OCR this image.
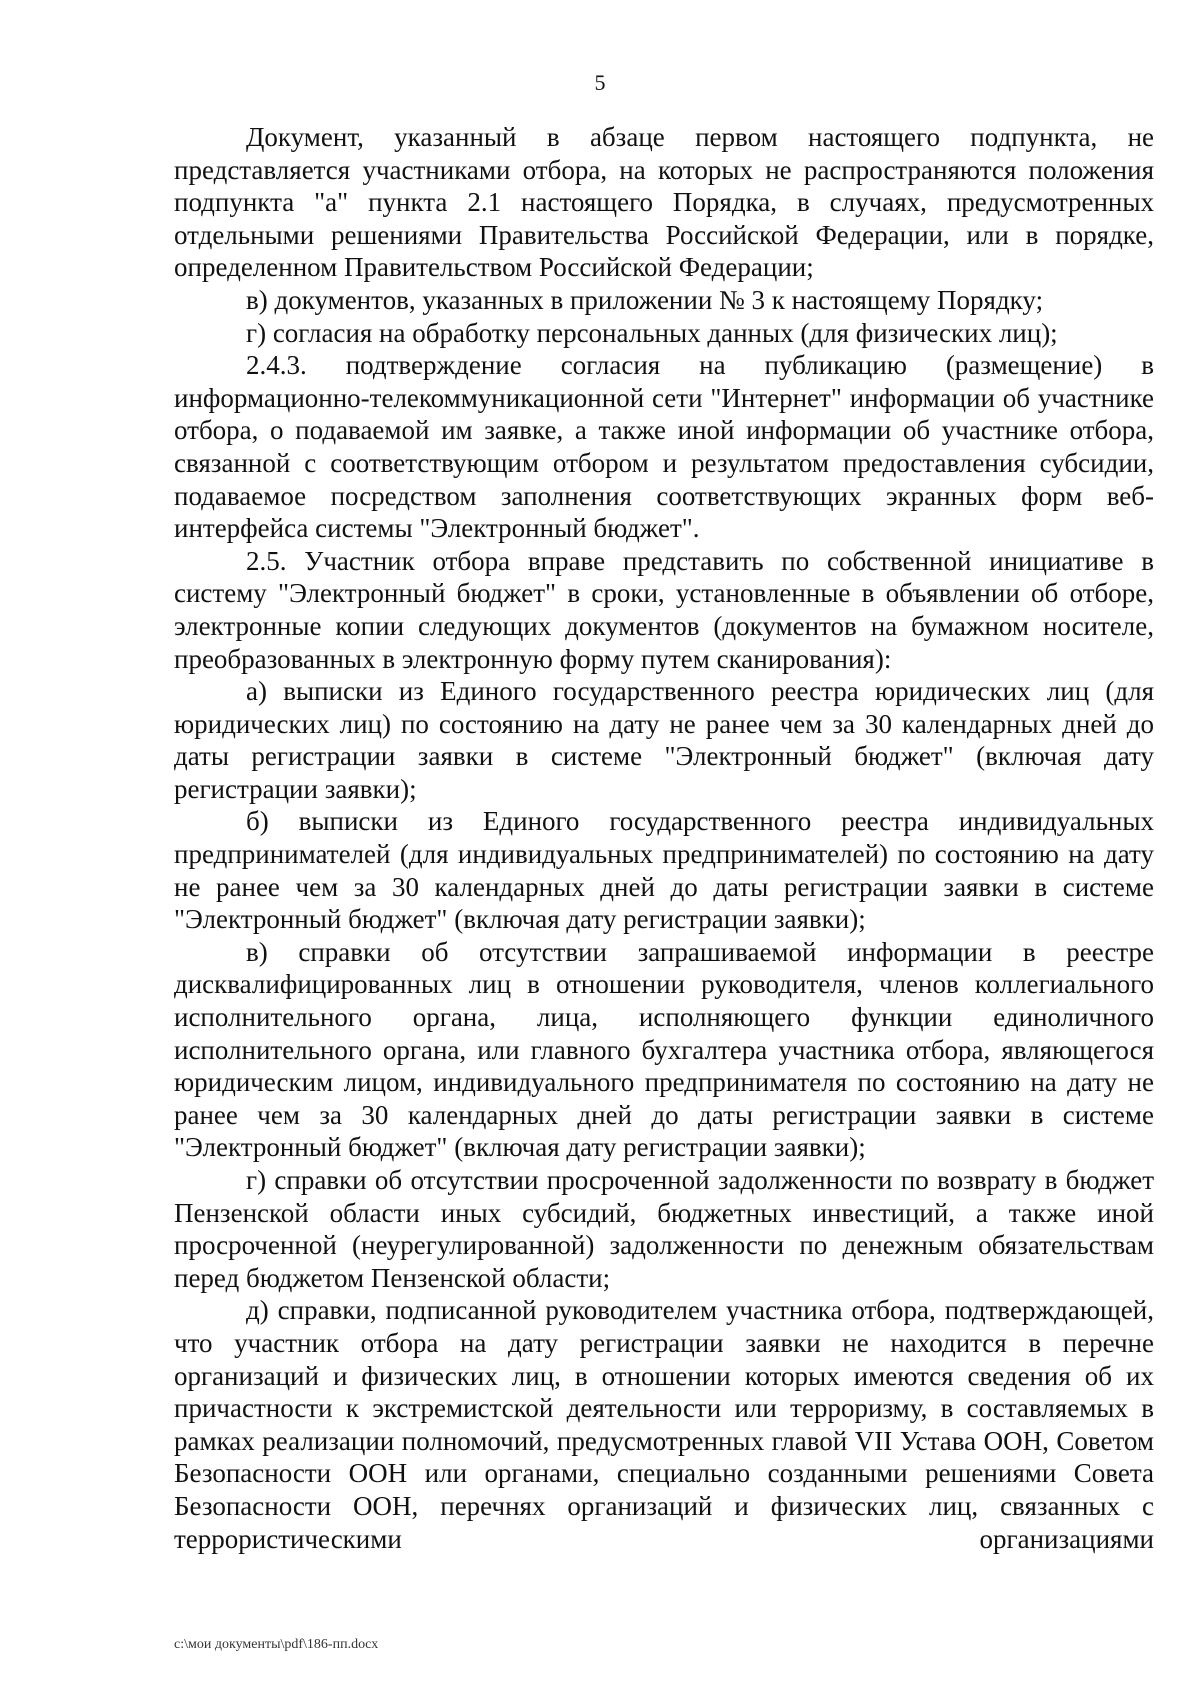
5

Документ, указанный в абзаце первом настоящего подпункта, не представляется участниками отбора, на которых не распространяются положения подпункта "а" пункта 2.1 настоящего Порядка, в случаях, предусмотренных отдельными решениями Правительства Российской Федерации, или в порядке, определенном Правительством Российской Федерации;

в) документов, указанных в приложении № 3 к настоящему Порядку;

г) согласия на обработку персональных данных (для физических лиц);

2.4.3. подтверждение согласия на публикацию (размещение) в информационно-телекоммуникационной сети "Интернет" информации об участнике отбора, о подаваемой им заявке, а также иной информации об участнике отбора, связанной с соответствующим отбором и результатом предоставления субсидии, подаваемое посредством заполнения соответствующих экранных форм веб-интерфейса системы "Электронный бюджет".

2.5. Участник отбора вправе представить по собственной инициативе в систему "Электронный бюджет" в сроки, установленные в объявлении об отборе, электронные копии следующих документов (документов на бумажном носителе, преобразованных в электронную форму путем сканирования):

а) выписки из Единого государственного реестра юридических лиц (для юридических лиц) по состоянию на дату не ранее чем за 30 календарных дней до даты регистрации заявки в системе "Электронный бюджет" (включая дату регистрации заявки);

б) выписки из Единого государственного реестра индивидуальных предпринимателей (для индивидуальных предпринимателей) по состоянию на дату не ранее чем за 30 календарных дней до даты регистрации заявки в системе "Электронный бюджет" (включая дату регистрации заявки);

в) справки об отсутствии запрашиваемой информации в реестре дисквалифицированных лиц в отношении руководителя, членов коллегиального исполнительного органа, лица, исполняющего функции единоличного исполнительного органа, или главного бухгалтера участника отбора, являющегося юридическим лицом, индивидуального предпринимателя по состоянию на дату не ранее чем за 30 календарных дней до даты регистрации заявки в системе "Электронный бюджет" (включая дату регистрации заявки);

г) справки об отсутствии просроченной задолженности по возврату в бюджет Пензенской области иных субсидий, бюджетных инвестиций, а также иной просроченной (неурегулированной) задолженности по денежным обязательствам перед бюджетом Пензенской области;

д) справки, подписанной руководителем участника отбора, подтверждающей, что участник отбора на дату регистрации заявки не находится в перечне организаций и физических лиц, в отношении которых имеются сведения об их причастности к экстремистской деятельности или терроризму, в составляемых в рамках реализации полномочий, предусмотренных главой VII Устава ООН, Советом Безопасности ООН или органами, специально созданными решениями Совета Безопасности ООН, перечнях организаций и физических лиц, связанных с террористическими организациями

c:\мои документы\pdf\186-пп.docx
